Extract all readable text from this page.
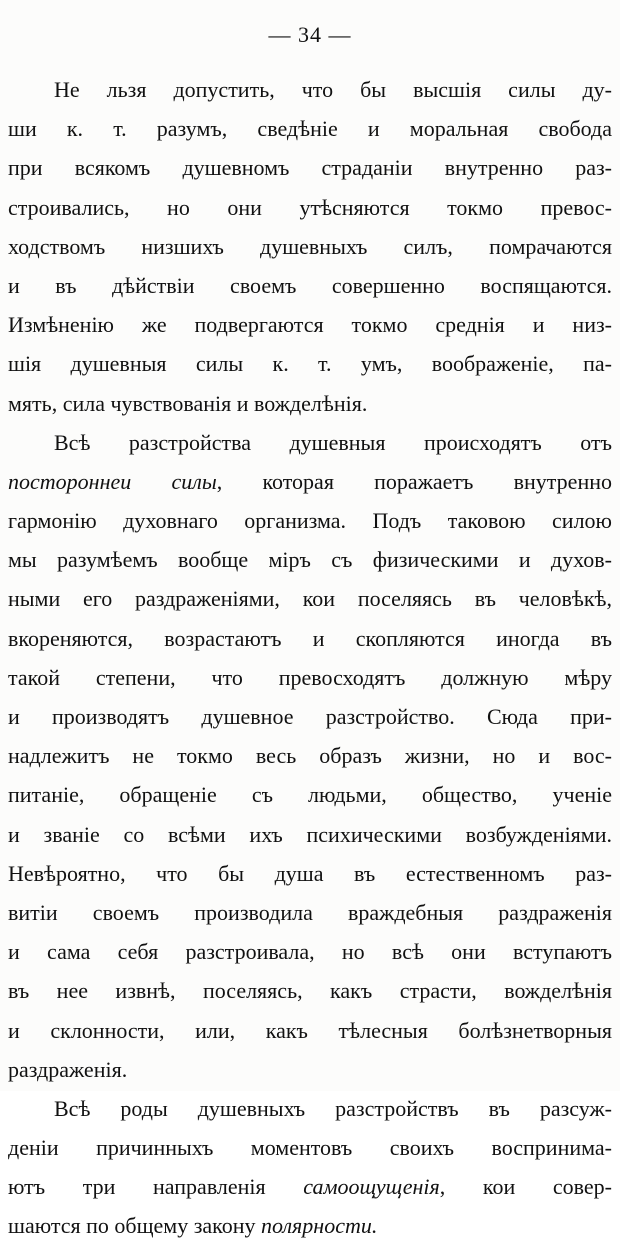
— 34 —
Не льзя допустить, что бы высшія силы ду-
ши к. т. разумъ, сведѣніе и моральная свобода
при всякомъ душевномъ страданіи внутренно раз-
строивались, но они утѣсняются токмо превос-
ходствомъ низшихъ душевныхъ силъ, помрачаются
и въ дѣйствіи своемъ совершенно воспящаются.
Измѣненію же подвергаются токмо среднія и низ-
шія душевныя силы к. т. умъ, воображеніе, па-
мять, сила чувствованія и вожделѣнія.
Всѣ разстройства душевныя происходятъ отъ
постороннеи силы, которая поражаетъ внутренно
гармонію духовнаго организма. Подъ таковою силою
мы разумѣемъ вообще міръ съ физическими и духов-
ными его раздраженіями, кои поселяясь въ человѣкѣ,
вкореняются, возрастаютъ и скопляются иногда въ
такой степени, что превосходятъ должную мѣру
и производятъ душевное разстройство. Сюда при-
надлежитъ не токмо весь образъ жизни, но и вос-
питаніе, обращеніе съ людьми, общество, ученіе
и званіе со всѣми ихъ психическими возбужденіями.
Невѣроятно, что бы душа въ естественномъ раз-
витіи своемъ производила враждебныя раздраженія
и сама себя разстроивала, но всѣ они вступаютъ
въ нее извнѣ, поселяясь, какъ страсти, вожделѣнія
и склонности, или, какъ тѣлесныя болѣзнетворныя
раздраженія.
Всѣ роды душевныхъ разстройствъ въ разсуж-
деніи причинныхъ моментовъ своихъ воспринима-
ютъ три направленія самоощущенія, кои совер-
шаются по общему закону полярности.
